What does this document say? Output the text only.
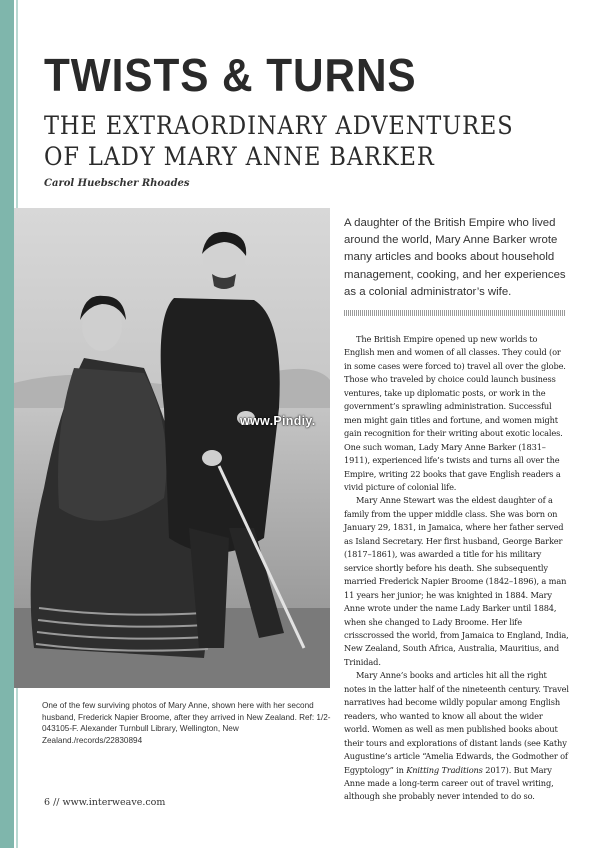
TWISTS & TURNS
THE EXTRAORDINARY ADVENTURES OF LADY MARY ANNE BARKER
Carol Huebscher Rhoades
www.Pindiy.
One of the few surviving photos of Mary Anne, shown here with her second husband, Frederick Napier Broome, after they arrived in New Zealand. Ref: 1/2-043105-F. Alexander Turnbull Library, Wellington, New Zealand./records/22830894
A daughter of the British Empire who lived around the world, Mary Anne Barker wrote many articles and books about household management, cooking, and her experiences as a colonial administrator’s wife.

The British Empire opened up new worlds to English men and women of all classes. They could (or in some cases were forced to) travel all over the globe. Those who traveled by choice could launch business ventures, take up diplomatic posts, or work in the government’s sprawling administration. Successful men might gain titles and fortune, and women might gain recognition for their writing about exotic locales. One such woman, Lady Mary Anne Barker (1831–1911), experienced life’s twists and turns all over the Empire, writing 22 books that gave English readers a vivid picture of colonial life.

Mary Anne Stewart was the eldest daughter of a family from the upper middle class. She was born on January 29, 1831, in Jamaica, where her father served as Island Secretary. Her first husband, George Barker (1817–1861), was awarded a title for his military service shortly before his death. She subsequently married Frederick Napier Broome (1842–1896), a man 11 years her junior; he was knighted in 1884. Mary Anne wrote under the name Lady Barker until 1884, when she changed to Lady Broome. Her life crisscrossed the world, from Jamaica to England, India, New Zealand, South Africa, Australia, Mauritius, and Trinidad.

Mary Anne’s books and articles hit all the right notes in the latter half of the nineteenth century. Travel narratives had become wildly popular among English readers, who wanted to know all about the wider world. Women as well as men published books about their tours and explorations of distant lands (see Kathy Augustine’s article “Amelia Edwards, the Godmother of Egyptology” in Knitting Traditions 2017). But Mary Anne made a long-term career out of travel writing, although she probably never intended to do so.

6 // www.interweave.com
